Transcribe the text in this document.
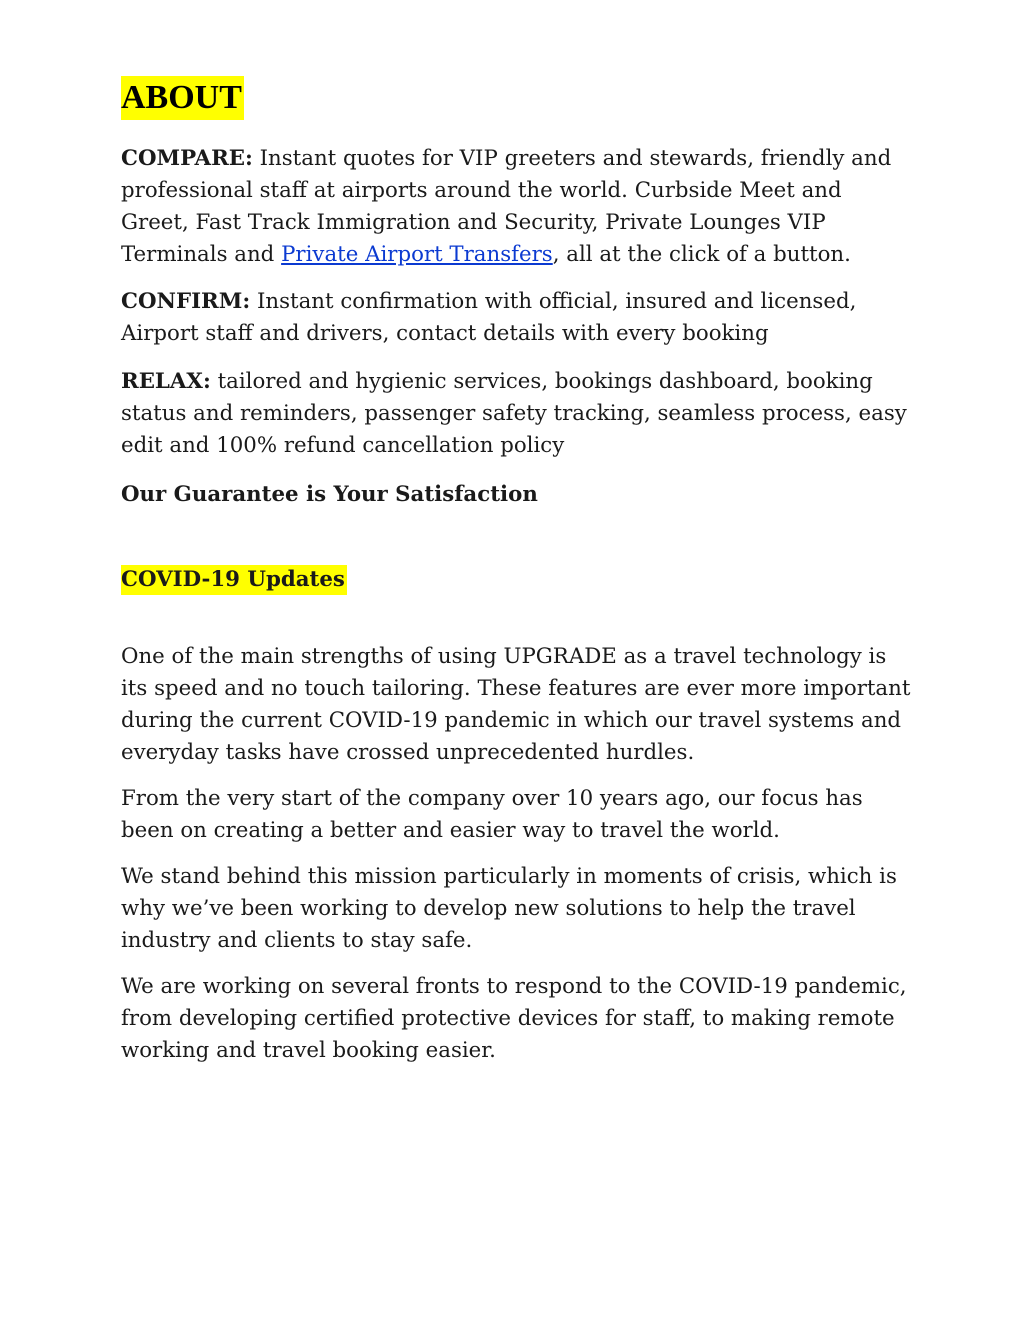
ABOUT

COMPARE: Instant quotes for VIP greeters and stewards, friendly and professional staff at airports around the world. Curbside Meet and Greet, Fast Track Immigration and Security, Private Lounges VIP Terminals and Private Airport Transfers, all at the click of a button.

CONFIRM: Instant confirmation with official, insured and licensed, Airport staff and drivers, contact details with every booking

RELAX: tailored and hygienic services, bookings dashboard, booking status and reminders, passenger safety tracking, seamless process, easy edit and 100% refund cancellation policy

Our Guarantee is Your Satisfaction

COVID-19 Updates

One of the main strengths of using UPGRADE as a travel technology is its speed and no touch tailoring. These features are ever more important during the current COVID-19 pandemic in which our travel systems and everyday tasks have crossed unprecedented hurdles.

From the very start of the company over 10 years ago, our focus has been on creating a better and easier way to travel the world.

We stand behind this mission particularly in moments of crisis, which is why we’ve been working to develop new solutions to help the travel industry and clients to stay safe.

We are working on several fronts to respond to the COVID-19 pandemic, from developing certified protective devices for staff, to making remote working and travel booking easier.
